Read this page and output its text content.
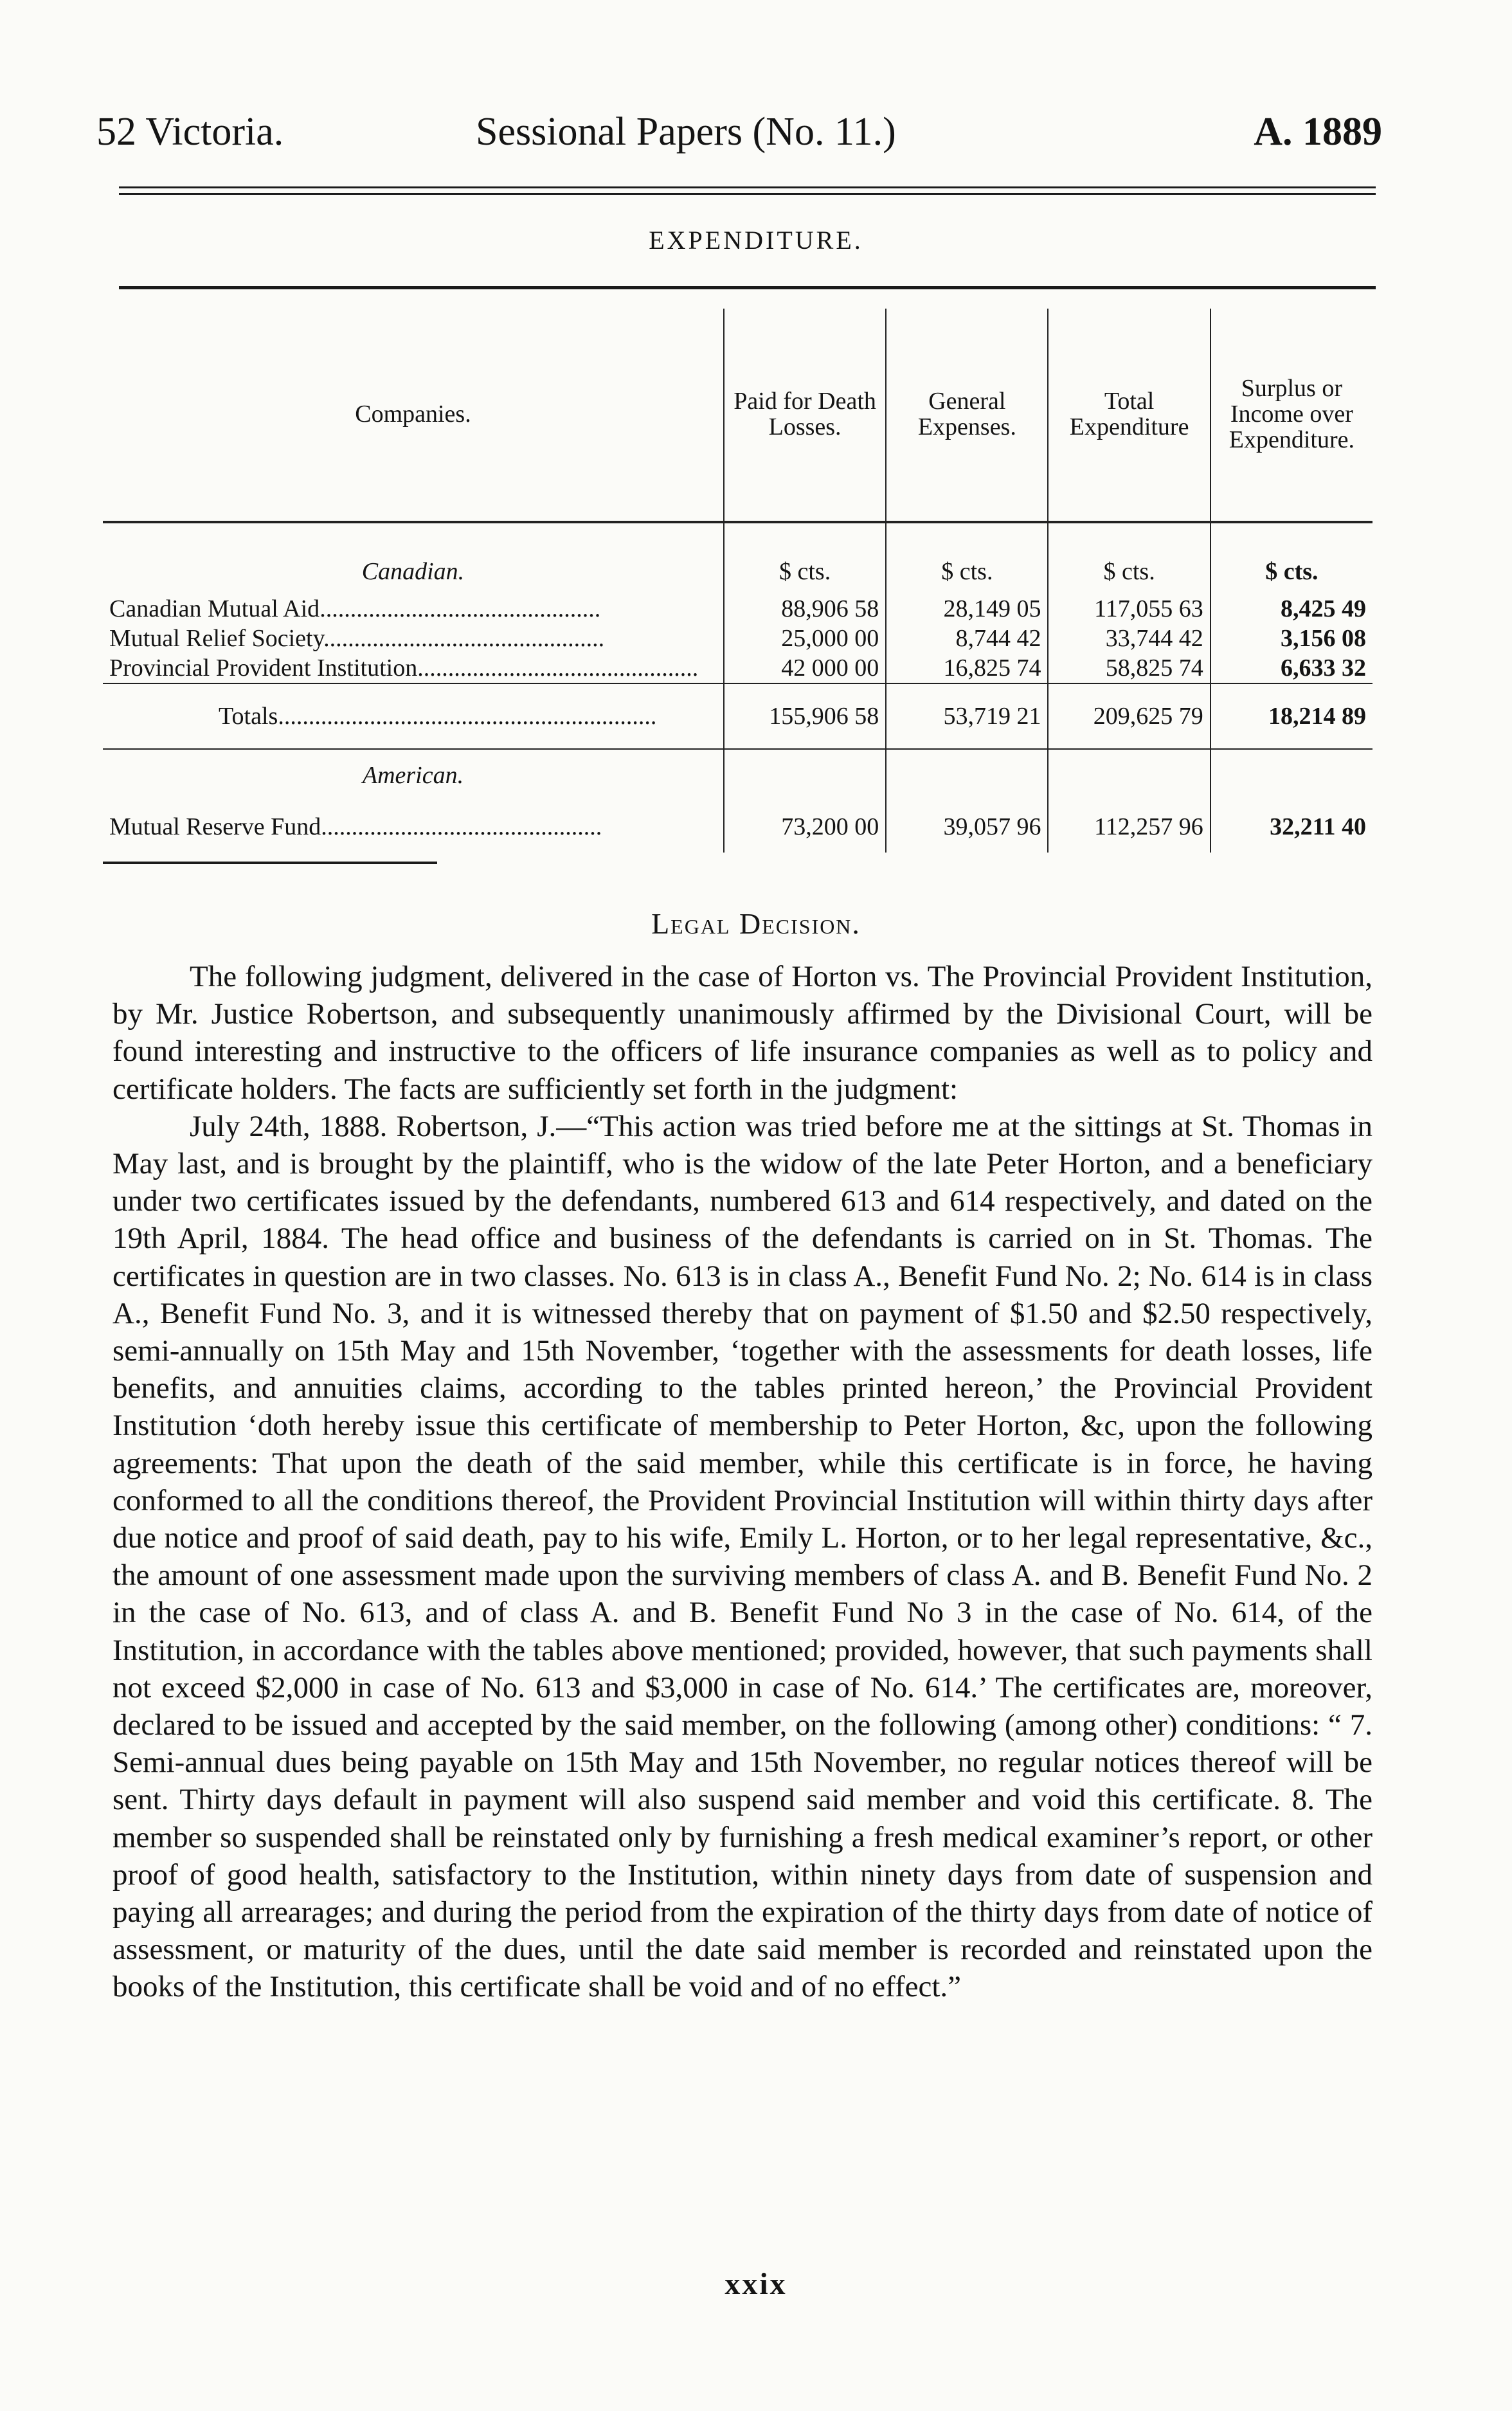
52 Victoria.	Sessional Papers (No. 11.)	A. 1889
EXPENDITURE.
Companies.	Paid for Death Losses.	General Expenses.	Total Expenditure	Surplus or Income over Expenditure.

Canadian.	$ cts.	$ cts.	$ cts.	$ cts.
Canadian Mutual Aid..............................................	88,906 58	28,149 05	117,055 63	8,425 49
Mutual Relief Society..............................................	25,000 00	8,744 42	33,744 42	3,156 08
Provincial Provident Institution..............................................	42 000 00	16,825 74	58,825 74	6,633 32
Totals..............................................................	155,906 58	53,719 21	209,625 79	18,214 89
American.				
Mutual Reserve Fund..............................................	73,200 00	39,057 96	112,257 96	32,211 40
Legal Decision.

The following judgment, delivered in the case of Horton vs. The Provincial Provident Institution, by Mr. Justice Robertson, and subsequently unanimously affirmed by the Divisional Court, will be found interesting and instructive to the officers of life insurance companies as well as to policy and certificate holders. The facts are sufficiently set forth in the judgment:

July 24th, 1888. Robertson, J.—“This action was tried before me at the sittings at St. Thomas in May last, and is brought by the plaintiff, who is the widow of the late Peter Horton, and a beneficiary under two certificates issued by the defendants, numbered 613 and 614 respectively, and dated on the 19th April, 1884. The head office and business of the defendants is carried on in St. Thomas. The certificates in question are in two classes. No. 613 is in class A., Benefit Fund No. 2; No. 614 is in class A., Benefit Fund No. 3, and it is witnessed thereby that on payment of $1.50 and $2.50 respectively, semi-annually on 15th May and 15th November, ‘together with the assessments for death losses, life benefits, and annuities claims, according to the tables printed hereon,’ the Provincial Provident Institution ‘doth hereby issue this certificate of membership to Peter Horton, &c, upon the following agreements: That upon the death of the said member, while this certificate is in force, he having conformed to all the conditions thereof, the Provident Provincial Institution will within thirty days after due notice and proof of said death, pay to his wife, Emily L. Horton, or to her legal representative, &c., the amount of one assessment made upon the surviving members of class A. and B. Benefit Fund No. 2 in the case of No. 613, and of class A. and B. Benefit Fund No 3 in the case of No. 614, of the Institution, in accordance with the tables above mentioned; provided, however, that such payments shall not exceed $2,000 in case of No. 613 and $3,000 in case of No. 614.’ The certificates are, moreover, declared to be issued and accepted by the said member, on the following (among other) conditions: “ 7. Semi-annual dues being payable on 15th May and 15th November, no regular notices thereof will be sent. Thirty days default in payment will also suspend said member and void this certificate. 8. The member so suspended shall be reinstated only by furnishing a fresh medical examiner’s report, or other proof of good health, satisfactory to the Institution, within ninety days from date of suspension and paying all arrearages; and during the period from the expiration of the thirty days from date of notice of assessment, or maturity of the dues, until the date said member is recorded and reinstated upon the books of the Institution, this certificate shall be void and of no effect.”

xxix
